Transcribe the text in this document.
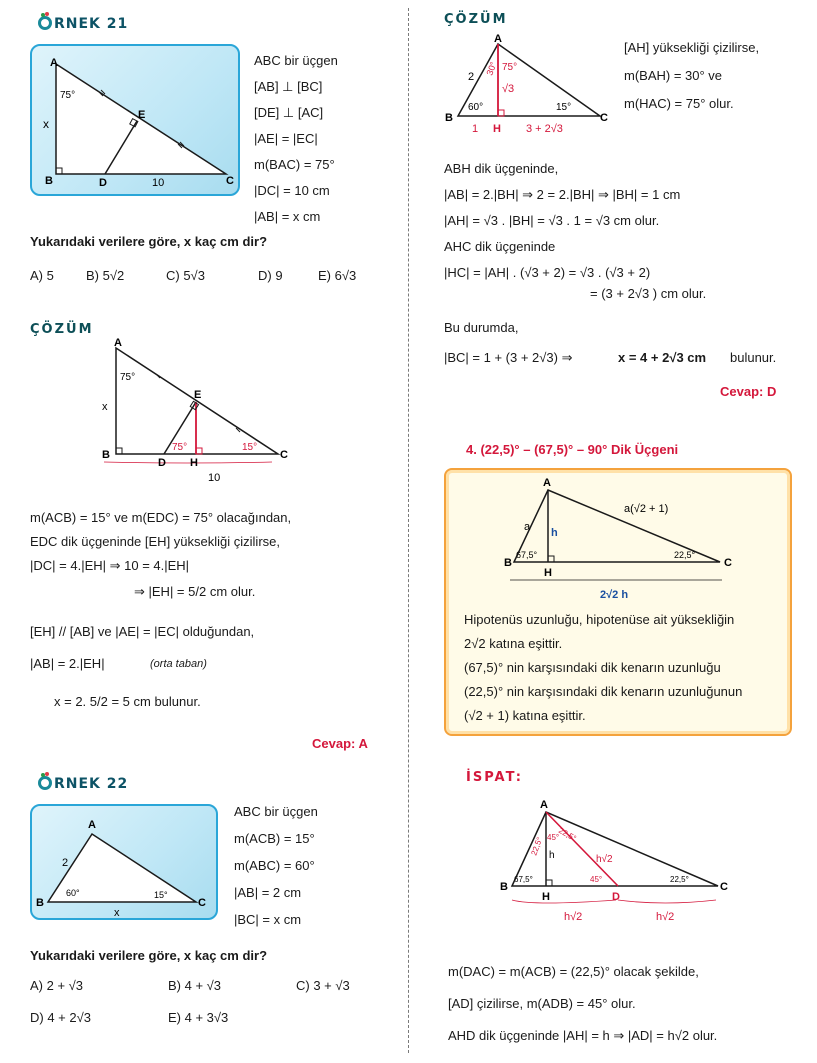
RNEK 21
A
B	C
D
E
x
75°
10
ABC bir üçgen
[AB] ⊥ [BC]
[DE] ⊥ [AC]
|AE| = |EC|
m(BAC) = 75°
|DC| = 10 cm
|AB| = x cm
Yukarıdaki verilere göre, x kaç cm dir?
A) 5 B) 5√2	C) 5√3	D) 9	E) 6√3
ÇÖZÜM
A
B	C
D
E
H
x
75°
75°	15°
10
m(ACB) = 15° ve m(EDC) = 75° olacağından,
EDC dik üçgeninde [EH] yüksekliği çizilirse,
|DC| = 4.|EH| ⇒ 10 = 4.|EH|
⇒ |EH| = 5/2 cm olur.
[EH] // [AB] ve |AE| = |EC| olduğundan,
|AB| = 2.|EH|	(orta taban)
x = 2. 5/2 = 5 cm bulunur.
Cevap: A
RNEK 22
A
B	C
2
60°	15°
x
ABC bir üçgen
m(ACB) = 15°
m(ABC) = 60°
|AB| = 2 cm
|BC| = x cm
Yukarıdaki verilere göre, x kaç cm dir?
A) 2 + √3	B) 4 + √3	C) 3 + √3
D) 4 + 2√3	E) 4 + 3√3
ÇÖZÜM
A
B	C
H
2
30° 75°
60°	15°
√3
1	3 + 2√3
[AH] yüksekliği çizilirse,
m(BAH) = 30° ve
m(HAC) = 75° olur.
ABH dik üçgeninde,
|AB| = 2.|BH| ⇒ 2 = 2.|BH| ⇒ |BH| = 1 cm
|AH| = √3 . |BH| = √3 . 1 = √3 cm olur.
AHC dik üçgeninde
|HC| = |AH| . (√3 + 2) = √3 . (√3 + 2)
= (3 + 2√3 ) cm olur.
Bu durumda,
|BC| = 1 + (3 + 2√3) ⇒	x = 4 + 2√3 cm bulunur.
Cevap: D
4. (22,5)° – (67,5)° – 90° Dik Üçgeni
A
B	C
H
a h
a(√2 + 1)
67,5°	22,5°
2√2 h
Hipotenüs uzunluğu, hipotenüse ait yüksekliğin
2√2 katına eşittir.
(67,5)° nin karşısındaki dik kenarın uzunluğu
(22,5)° nin karşısındaki dik kenarın uzunluğunun
(√2 + 1) katına eşittir.
İSPAT:
A
B	C
H	D
h	h√2
67,5°	22,5°
22,5°
22,5°
45°
45°
h√2	h√2
m(DAC) = m(ACB) = (22,5)° olacak şekilde,
[AD] çizilirse, m(ADB) = 45° olur.
AHD dik üçgeninde |AH| = h ⇒ |AD| = h√2 olur.
